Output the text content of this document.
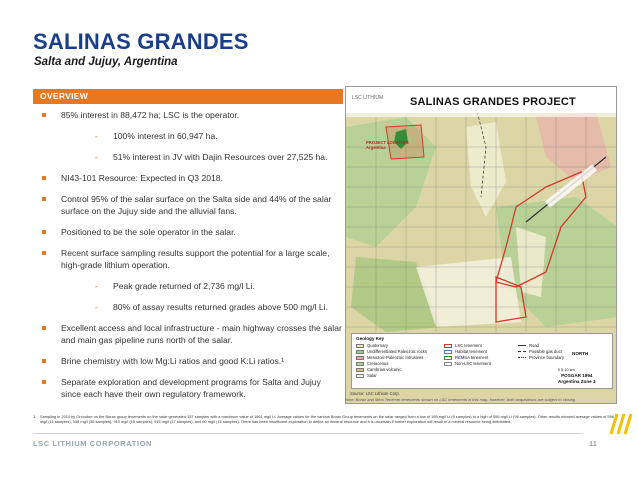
SALINAS GRANDES
Salta and Jujuy, Argentina
OVERVIEW
85% interest in 88,472 ha; LSC is the operator.
- 100% interest in 60,947 ha.
- 51% interest in JV with Dajin Resources over 27,525 ha.
NI43-101 Resource: Expected in Q3 2018.
Control 95% of the salar surface on the Salta side and 44% of the salar surface on the Jujuy side and the alluvial fans.
Positioned to be the sole operator in the salar.
Recent surface sampling results support the potential for a large scale, high-grade lithium operation.
- Peak grade returned of 2,736 mg/l Li.
- 80% of assay results returned grades above 500 mg/l Li.
Excellent access and local infrastructure - main highway crosses the salar and main gas pipeline runs north of the salar.
Brine chemistry with low Mg:Li ratios and good K:Li ratios.¹
Separate exploration and development programs for Salta and Jujuy since each have their own regulatory framework.
LSC LITHIUM SALINAS GRANDES PROJECT
PROJECT LOCATION
Argentina
Geology Key
Quaternary
Undifferentiated Paleozoic rocks
Mesozoic-Paleozoic Intrusives
Cretaceous
Cambrian volcanic
Salar
LSC tenement
Habitat tenement
REMSA tenement
Non-LSC tenement
Road
Possible gas duct
Province boundary
NORTH
0 5 10 km
POSGAR 1994
Argentina Zone 3
Source: LSC Lithium Corp.
Note: Borax and Mina Tenemet tenements shown on LSC tenements in this map; however, both acquisitions are subject to closing.
1. Sampling in 2010 by Orocobre on the Borax group tenements on the salar generated 157 samples with a maximum value of 1861 mg/l Li. Average values for the various Borax Group tenements on the salar ranged from a low of 165 mg/l Li (9 samples) to a high of 595 mg/l Li (96 samples). Other results showed average values of 596 mg/l (11 samples), 338 mg/l (36 samples), 910 mg/l (15 samples), 915 mg/l (17 samples), and 60 mg/l (15 samples). There has been insufficient exploration to define an mineral resource and it is uncertain if further exploration will result in a mineral resource being delineated.
LSC LITHIUM CORPORATION	11
